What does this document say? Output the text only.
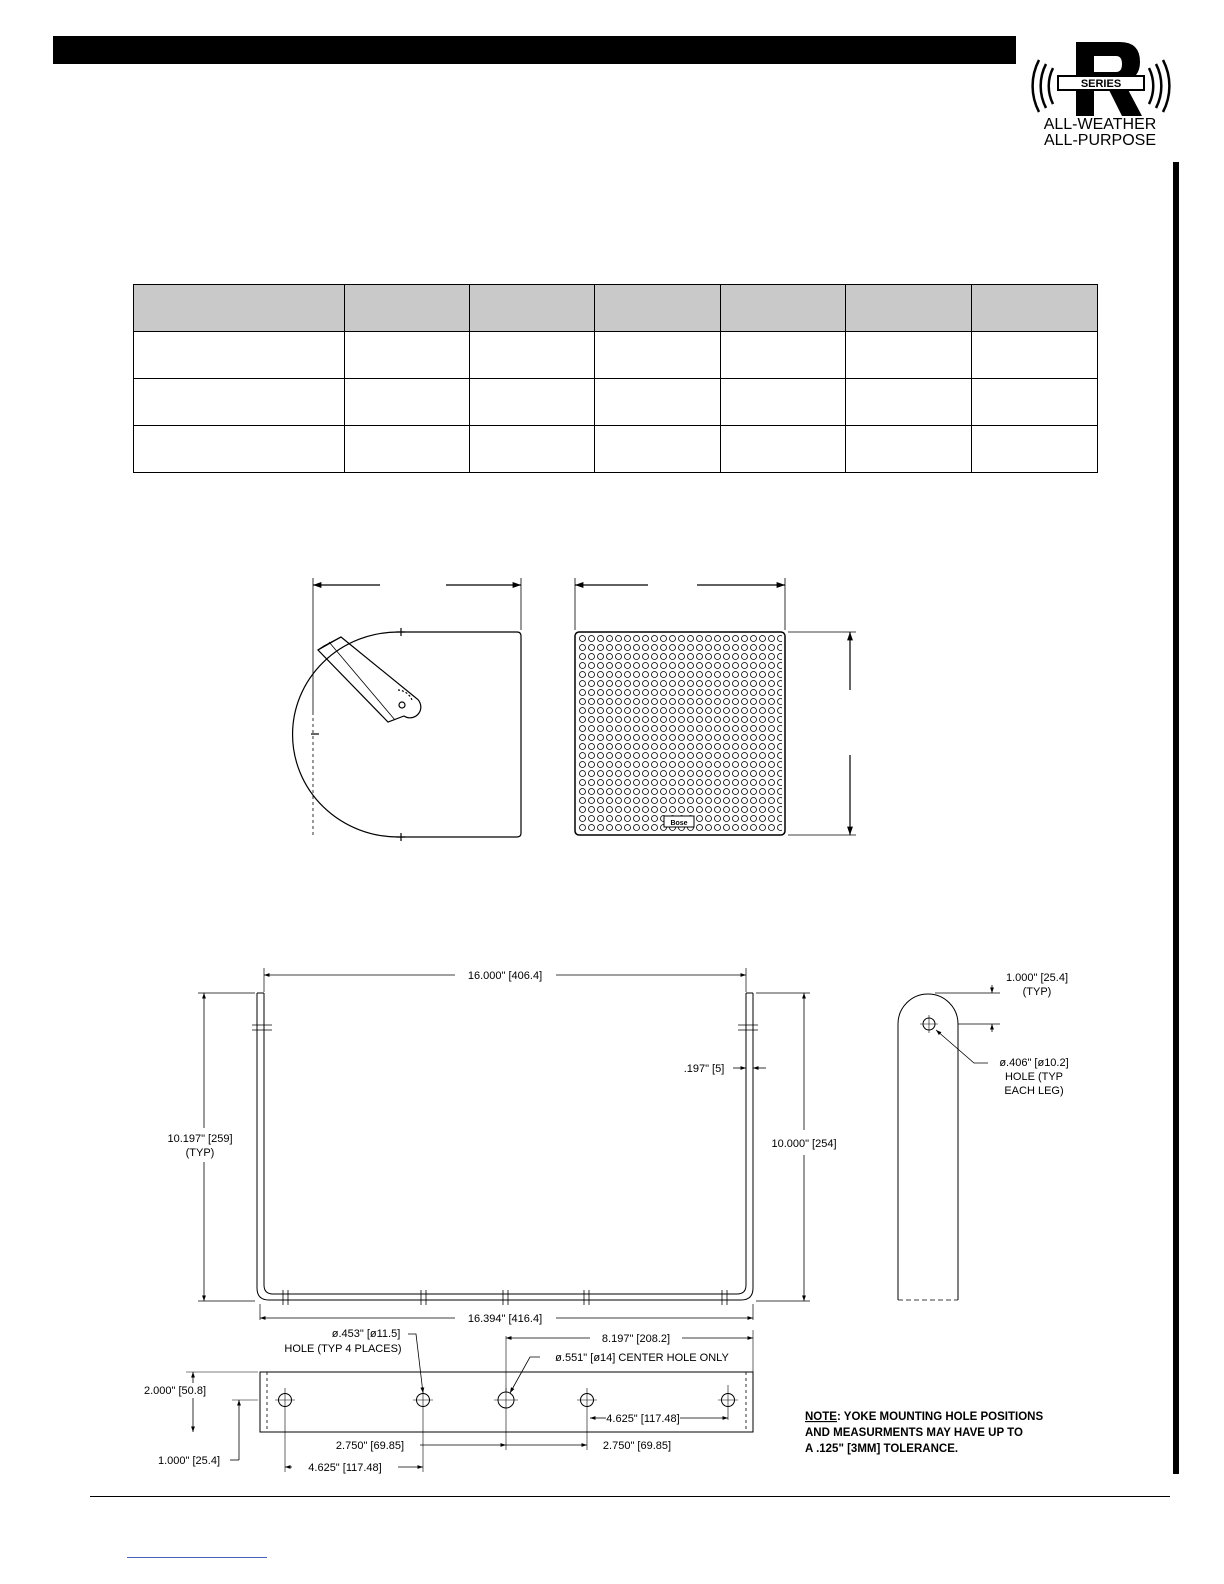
SERIES
ALL-WEATHER
ALL-PURPOSE

Bose
16.000" [406.4]
10.197" [259]
(TYP)
.197" [5]
10.000" [254]
16.394" [416.4]
ø.453" [ø11.5]
HOLE (TYP 4 PLACES)
8.197" [208.2]
ø.551" [ø14] CENTER HOLE ONLY
2.000" [50.8]
4.625" [117.48]
2.750" [69.85]	2.750" [69.85]
1.000" [25.4]
4.625" [117.48]
1.000" [25.4]
(TYP)
ø.406" [ø10.2]
HOLE (TYP
EACH LEG)
NOTE: YOKE MOUNTING HOLE POSITIONS
AND MEASURMENTS MAY HAVE UP TO
A .125" [3MM] TOLERANCE.
